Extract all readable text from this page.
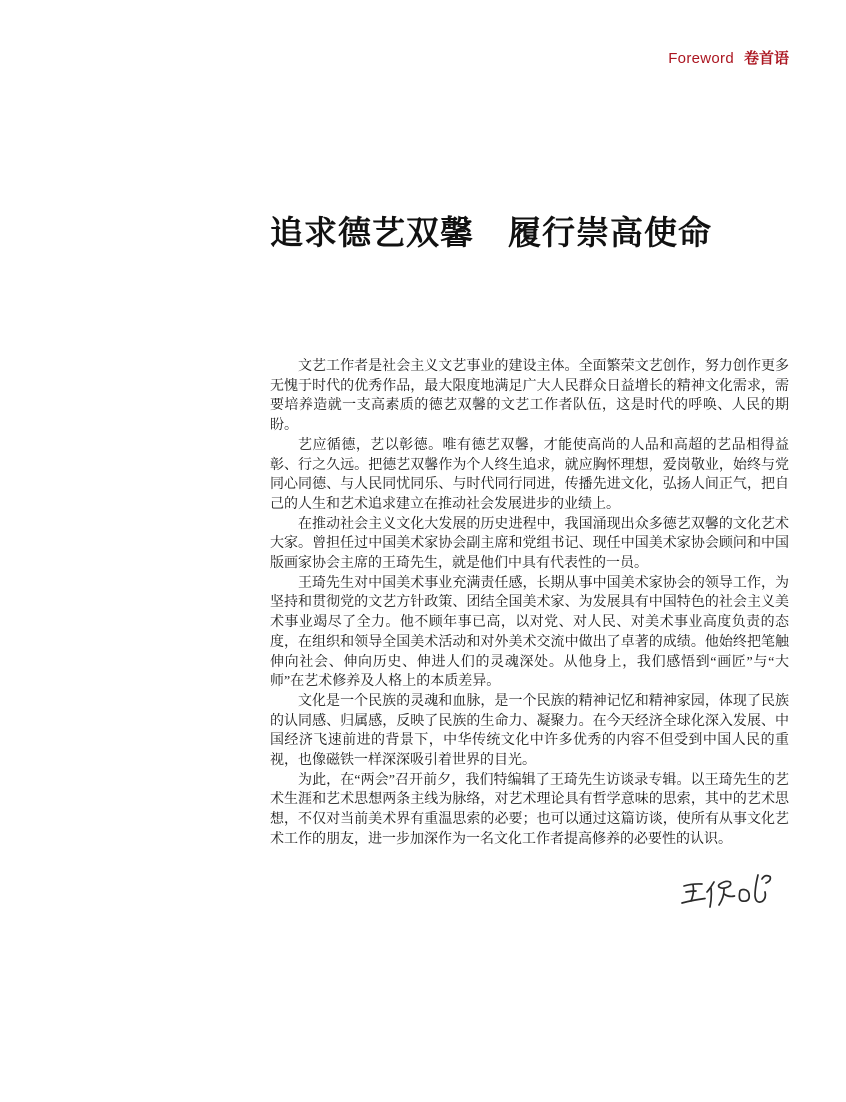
Foreword 卷首语
追求德艺双馨　履行崇高使命

文艺工作者是社会主义文艺事业的建设主体。全面繁荣文艺创作，努力创作更多无愧于时代的优秀作品，最大限度地满足广大人民群众日益增长的精神文化需求，需要培养造就一支高素质的德艺双馨的文艺工作者队伍，这是时代的呼唤、人民的期盼。

艺应循德，艺以彰德。唯有德艺双馨，才能使高尚的人品和高超的艺品相得益彰、行之久远。把德艺双馨作为个人终生追求，就应胸怀理想，爱岗敬业，始终与党同心同德、与人民同忧同乐、与时代同行同进，传播先进文化，弘扬人间正气，把自己的人生和艺术追求建立在推动社会发展进步的业绩上。

在推动社会主义文化大发展的历史进程中，我国涌现出众多德艺双馨的文化艺术大家。曾担任过中国美术家协会副主席和党组书记、现任中国美术家协会顾问和中国版画家协会主席的王琦先生，就是他们中具有代表性的一员。

王琦先生对中国美术事业充满责任感，长期从事中国美术家协会的领导工作，为坚持和贯彻党的文艺方针政策、团结全国美术家、为发展具有中国特色的社会主义美术事业竭尽了全力。他不顾年事已高，以对党、对人民、对美术事业高度负责的态度，在组织和领导全国美术活动和对外美术交流中做出了卓著的成绩。他始终把笔触伸向社会、伸向历史、伸进人们的灵魂深处。从他身上，我们感悟到“画匠”与“大师”在艺术修养及人格上的本质差异。

文化是一个民族的灵魂和血脉，是一个民族的精神记忆和精神家园，体现了民族的认同感、归属感，反映了民族的生命力、凝聚力。在今天经济全球化深入发展、中国经济飞速前进的背景下，中华传统文化中许多优秀的内容不但受到中国人民的重视，也像磁铁一样深深吸引着世界的目光。

为此，在“两会”召开前夕，我们特编辑了王琦先生访谈录专辑。以王琦先生的艺术生涯和艺术思想两条主线为脉络，对艺术理论具有哲学意味的思索，其中的艺术思想，不仅对当前美术界有重温思索的必要；也可以通过这篇访谈，使所有从事文化艺术工作的朋友，进一步加深作为一名文化工作者提高修养的必要性的认识。
